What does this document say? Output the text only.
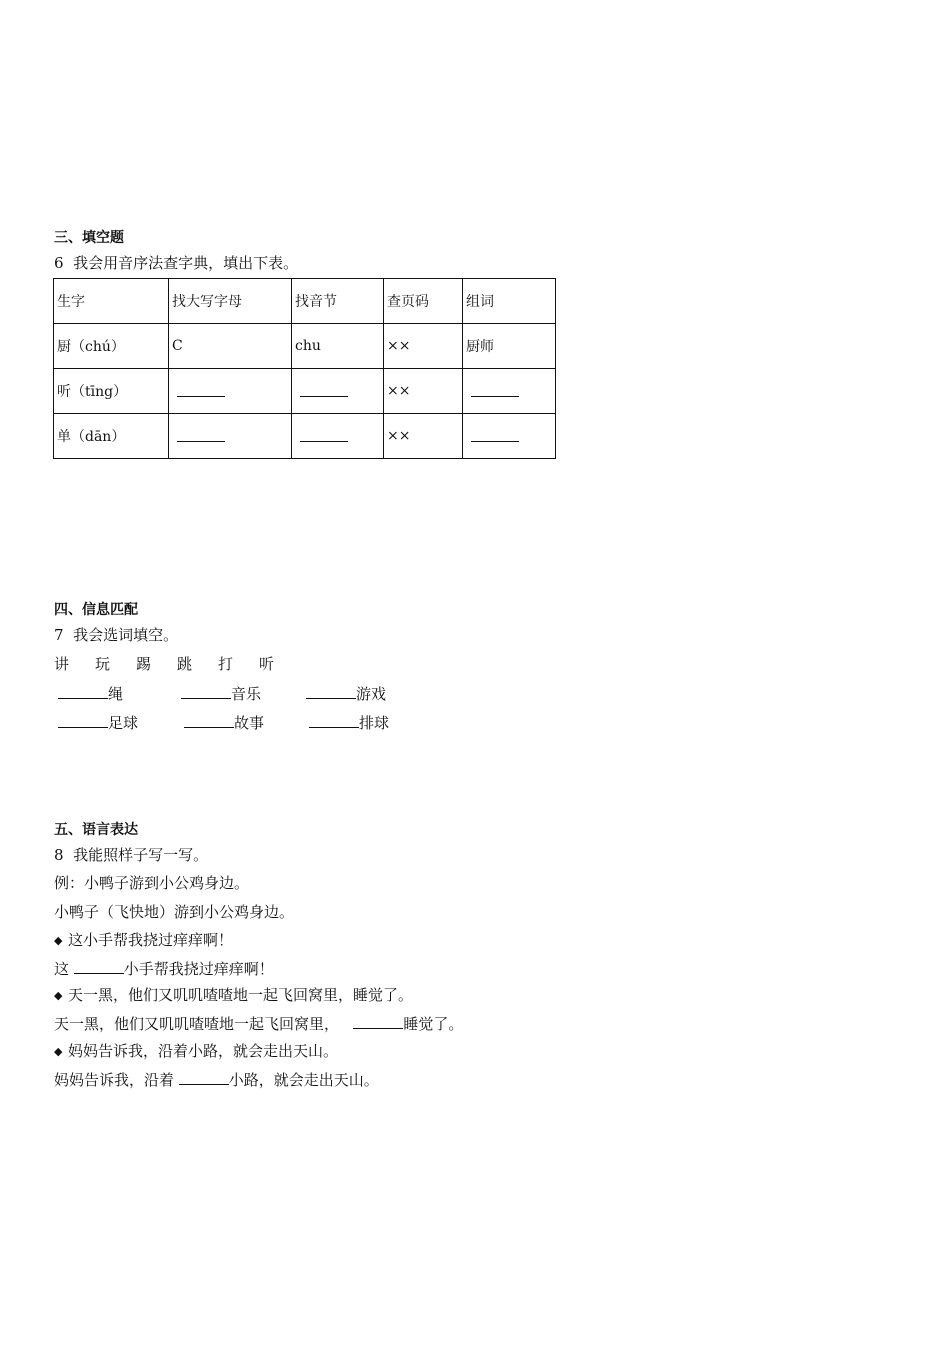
三、填空题
6  我会用音序法查字典，填出下表。
生字	找大写字母	找音节	查页码	组词
厨（chú）	C	chu	××	厨师
听（tīng）			××	
单（dān）			××	
四、信息匹配
7  我会选词填空。

讲

玩

踢

跳

打

听

绳

	音乐

	游戏

足球

	故事

	排球

五、语言表达
8  我能照样子写一写。
例：小鸭子游到小公鸡身边。
小鸭子（飞快地）游到小公鸡身边。
◆ 这小手帮我挠过痒痒啊！
这	小手帮我挠过痒痒啊！
◆ 天一黑，他们又叽叽喳喳地一起飞回窝里，睡觉了。
天一黑，他们又叽叽喳喳地一起飞回窝里，	睡觉了。
◆ 妈妈告诉我，沿着小路，就会走出天山。
妈妈告诉我，沿着	小路，就会走出天山。
